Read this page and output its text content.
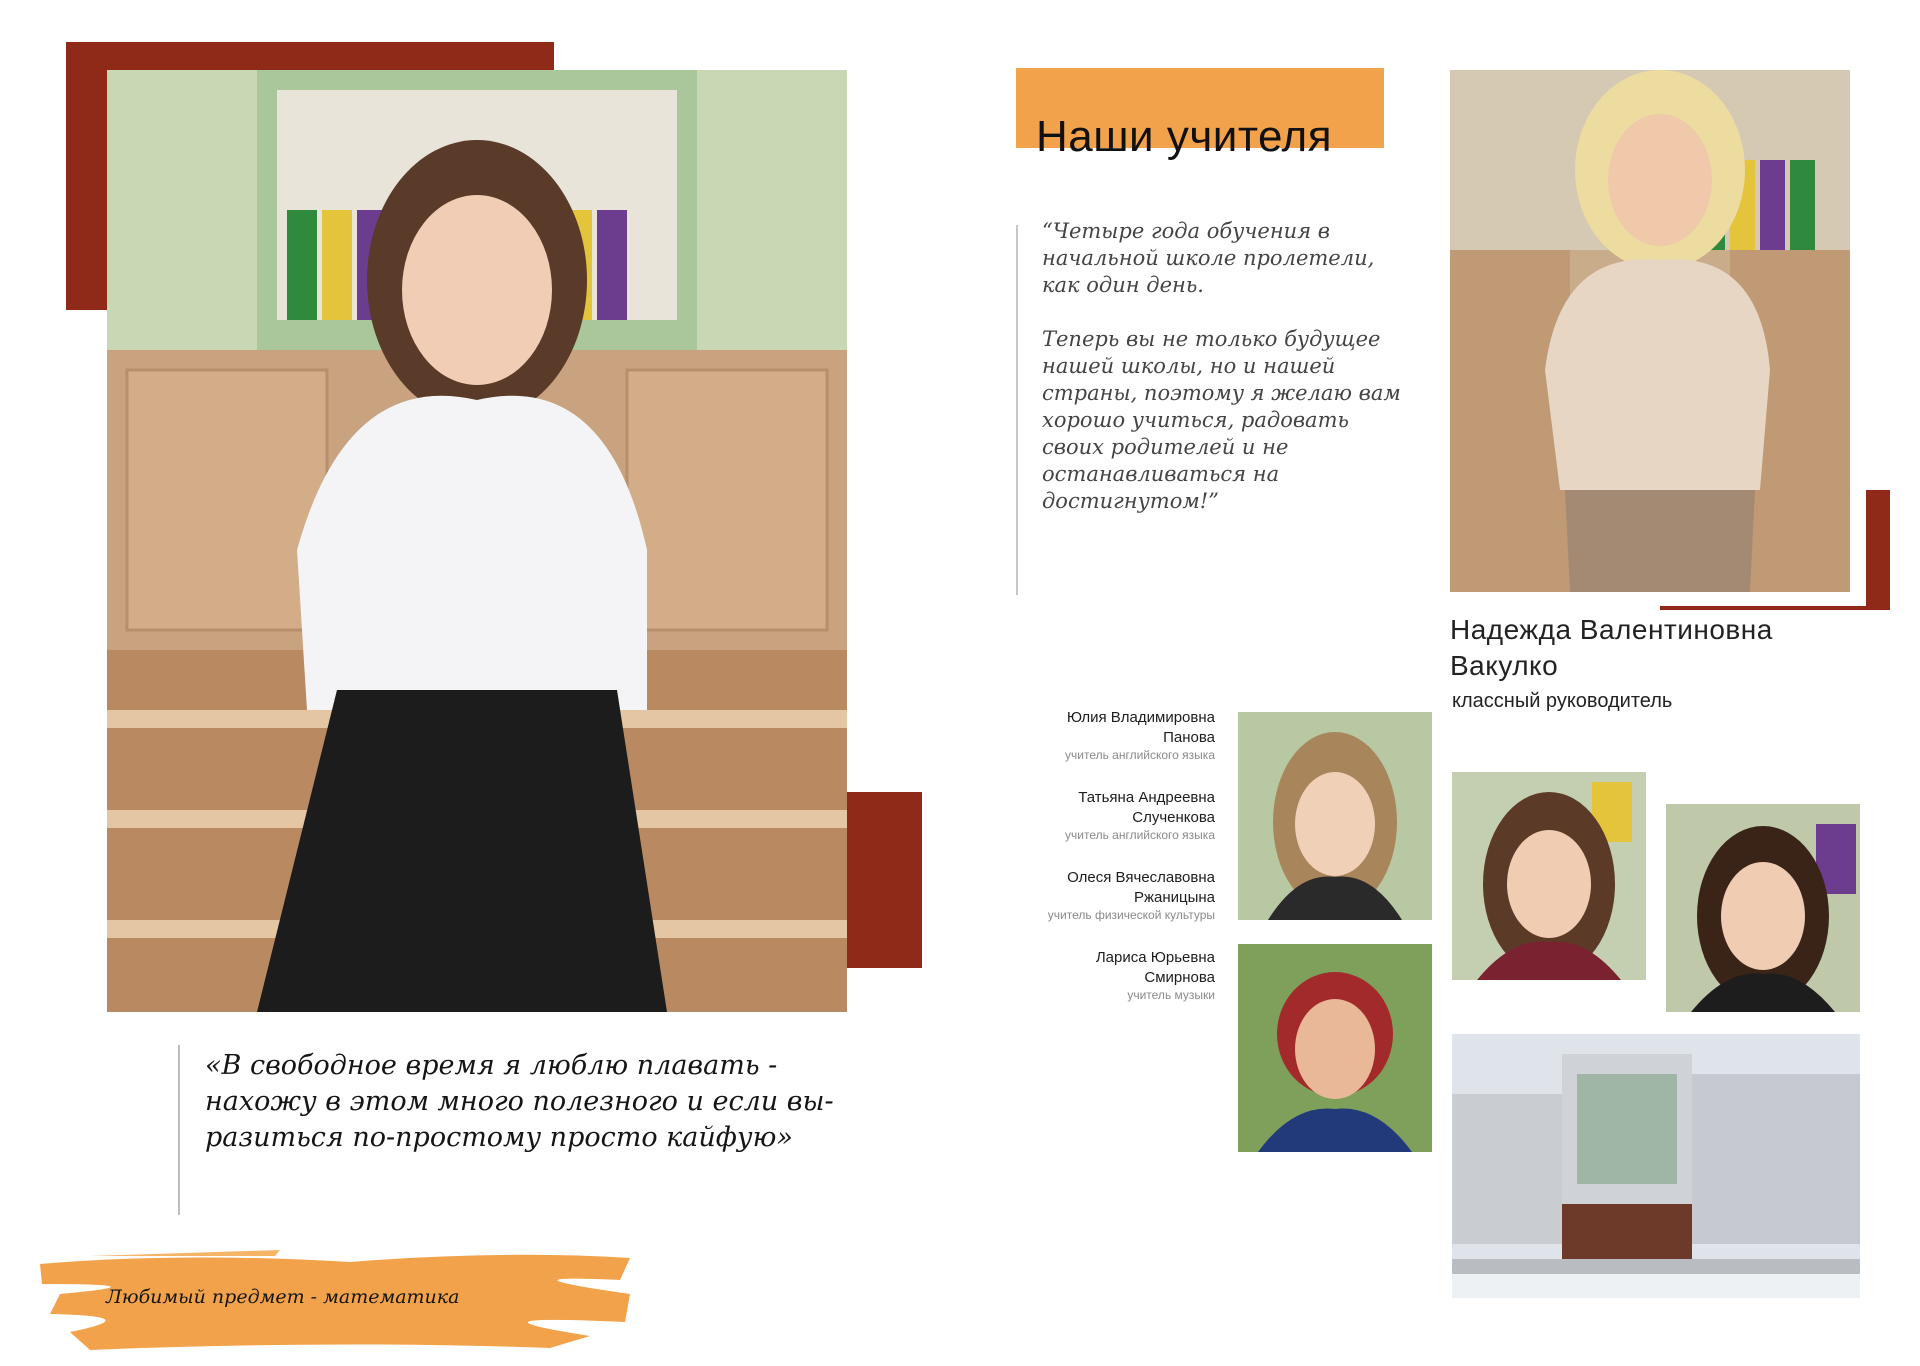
«В свободное время я люблю плавать -
нахожу в этом много полезного и если вы-
разиться по-простому просто кайфую»
Любимый предмет - математика
Наши учителя

“Четыре года обучения в
начальной школе пролетели,
как один день.

Теперь вы не только будущее
нашей школы, но и нашей
страны, поэтому я желаю вам
хорошо учиться, радовать
своих родителей и не
останавливаться на
достигнутом!”

Надежда Валентиновна
Вакулко
классный руководитель
Юлия Владимировна
Панова
учитель английского языка
Татьяна Андреевна
Слученкова
учитель английского языка
Олеся Вячеславовна
Ржаницына
учитель физической культуры
Лариса Юрьевна
Смирнова
учитель музыки
